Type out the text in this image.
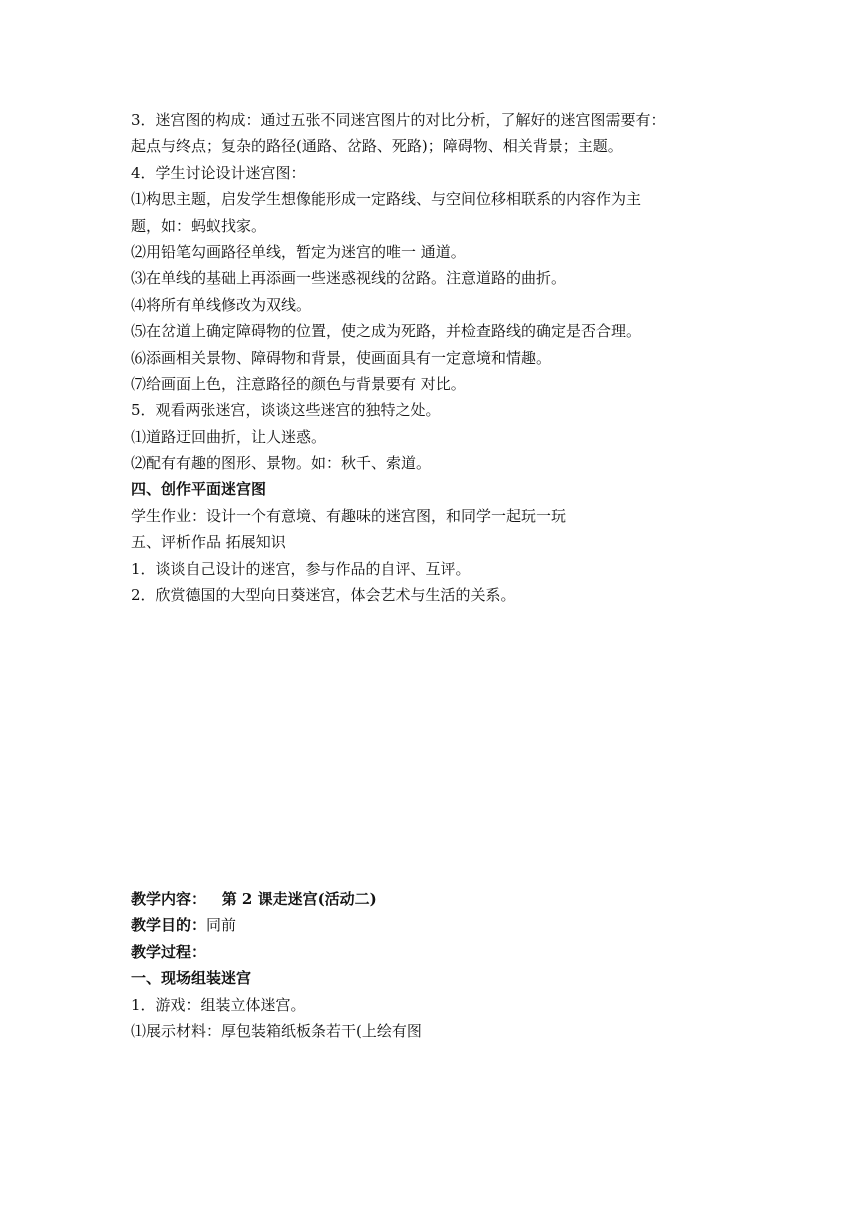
3．迷宫图的构成：通过五张不同迷宫图片的对比分析，了解好的迷宫图需要有：
起点与终点；复杂的路径(通路、岔路、死路)；障碍物、相关背景；主题。
4．学生讨论设计迷宫图：
⑴构思主题，启发学生想像能形成一定路线、与空间位移相联系的内容作为主
题，如：蚂蚁找家。
⑵用铅笔勾画路径单线，暂定为迷宫的唯一 通道。
⑶在单线的基础上再添画一些迷惑视线的岔路。注意道路的曲折。
⑷将所有单线修改为双线。
⑸在岔道上确定障碍物的位置，使之成为死路，并检查路线的确定是否合理。
⑹添画相关景物、障碍物和背景，使画面具有一定意境和情趣。
⑺给画面上色，注意路径的颜色与背景要有 对比。
5．观看两张迷宫，谈谈这些迷宫的独特之处。
⑴道路迂回曲折，让人迷惑。
⑵配有有趣的图形、景物。如：秋千、索道。
四、创作平面迷宫图
学生作业：设计一个有意境、有趣味的迷宫图，和同学一起玩一玩
五、评析作品 拓展知识
1．谈谈自己设计的迷宫，参与作品的自评、互评。
2．欣赏德国的大型向日葵迷宫，体会艺术与生活的关系。
教学内容： 第 2 课走迷宫(活动二)
教学目的：同前
教学过程：
一、现场组装迷宫
1．游戏：组装立体迷宫。
⑴展示材料：厚包装箱纸板条若干(上绘有图
